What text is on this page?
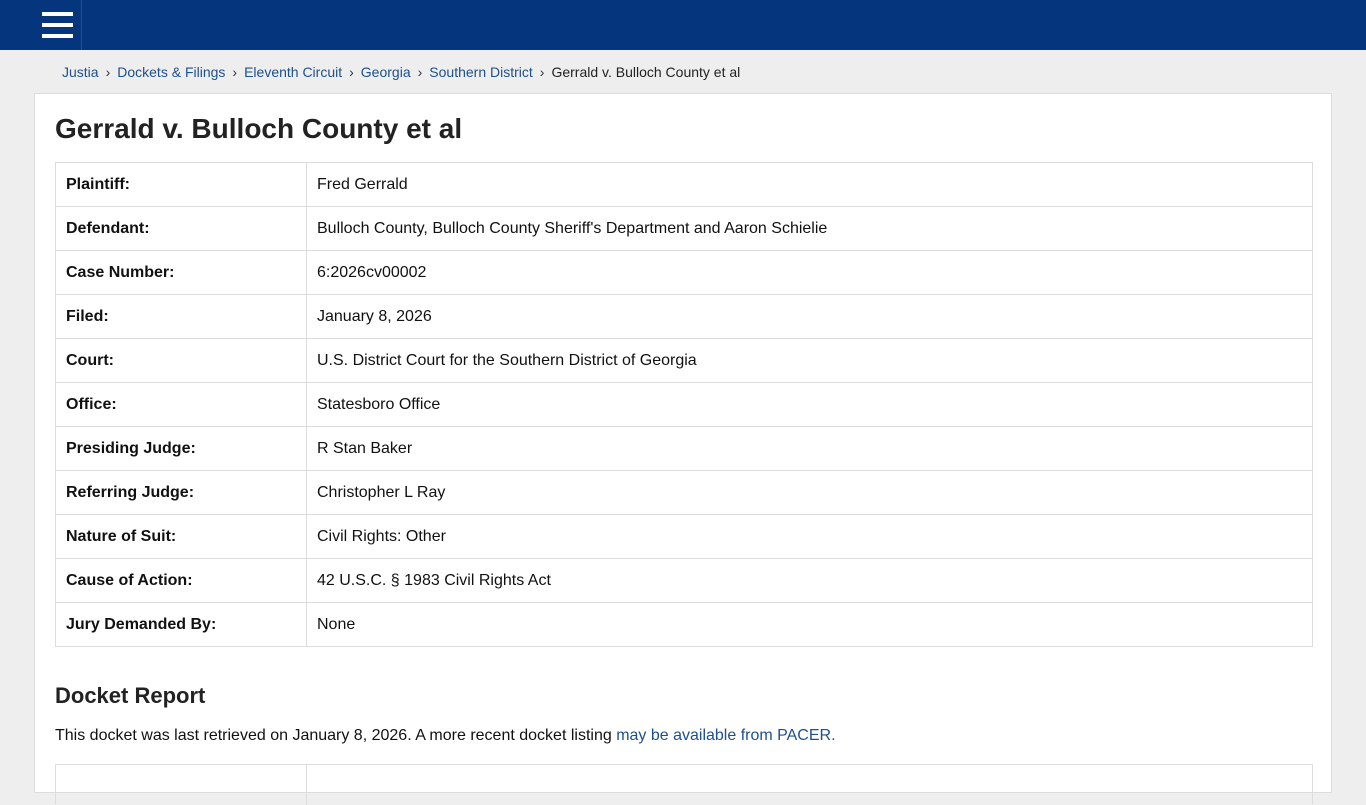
Justia › Dockets & Filings › Eleventh Circuit › Georgia › Southern District › Gerrald v. Bulloch County et al
Gerrald v. Bulloch County et al
Plaintiff:	Fred Gerrald
Defendant:	Bulloch County, Bulloch County Sheriff's Department and Aaron Schielie
Case Number:	6:2026cv00002
Filed:	January 8, 2026
Court:	U.S. District Court for the Southern District of Georgia
Office:	Statesboro Office
Presiding Judge:	R Stan Baker
Referring Judge:	Christopher L Ray
Nature of Suit:	Civil Rights: Other
Cause of Action:	42 U.S.C. § 1983 Civil Rights Act
Jury Demanded By:	None
Docket Report

This docket was last retrieved on January 8, 2026. A more recent docket listing may be available from PACER.
